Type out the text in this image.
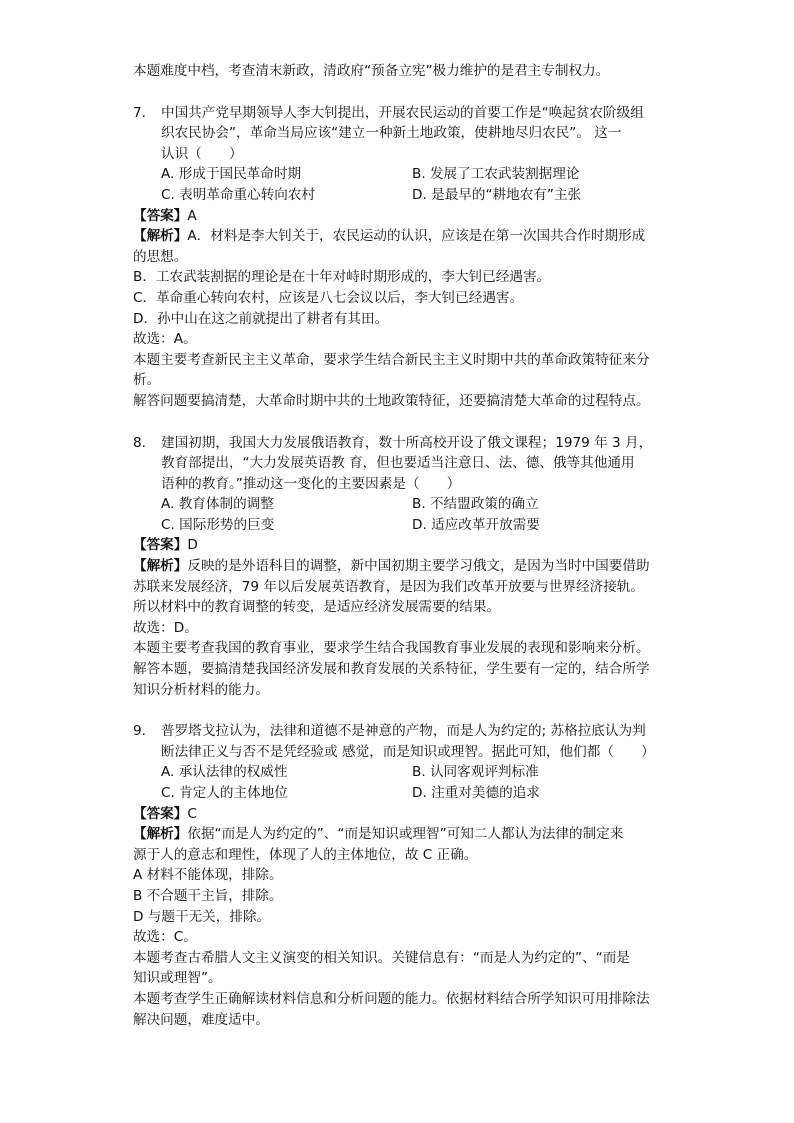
本题难度中档，考查清末新政，清政府“预备立宪”极力维护的是君主专制权力。
7. 中国共产党早期领导人李大钊提出，开展农民运动的首要工作是“唤起贫农阶级组
织农民协会”，革命当局应该“建立一种新土地政策，使耕地尽归农民”。 这一
认识（　　）
A. 形成于国民革命时期	B. 发展了工农武装割据理论
C. 表明革命重心转向农村	D. 是最早的“耕地农有”主张
【答案】A
【解析】A．材料是李大钊关于，农民运动的认识，应该是在第一次国共合作时期形成
的思想。
B．工农武装割据的理论是在十年对峙时期形成的，李大钊已经遇害。
C．革命重心转向农村，应该是八七会议以后，李大钊已经遇害。
D．孙中山在这之前就提出了耕者有其田。
故选：A。
本题主要考查新民主主义革命，要求学生结合新民主主义时期中共的革命政策特征来分
析。
解答问题要搞清楚，大革命时期中共的土地政策特征，还要搞清楚大革命的过程特点。
8. 建国初期，我国大力发展俄语教育，数十所高校开设了俄文课程；1979 年 3 月，
教育部提出，“大力发展英语教 育，但也要适当注意日、法、德、俄等其他通用
语种的教育。”推动这一变化的主要因素是（　　）
A. 教育体制的调整	B. 不结盟政策的确立
C. 国际形势的巨变	D. 适应改革开放需要
【答案】D
【解析】反映的是外语科目的调整，新中国初期主要学习俄文，是因为当时中国要借助
苏联来发展经济，79 年以后发展英语教育，是因为我们改革开放要与世界经济接轨。
所以材料中的教育调整的转变，是适应经济发展需要的结果。
故选：D。
本题主要考查我国的教育事业，要求学生结合我国教育事业发展的表现和影响来分析。
解答本题，要搞清楚我国经济发展和教育发展的关系特征，学生要有一定的，结合所学
知识分析材料的能力。
9. 普罗塔戈拉认为，法律和道德不是神意的产物，而是人为约定的; 苏格拉底认为判
断法律正义与否不是凭经验或 感觉，而是知识或理智。据此可知，他们都（　　）
A. 承认法律的权威性	B. 认同客观评判标准
C. 肯定人的主体地位	D. 注重对美德的追求
【答案】C
【解析】依据“而是人为约定的”、“而是知识或理智”可知二人都认为法律的制定来
源于人的意志和理性，体现了人的主体地位，故 C 正确。
A 材料不能体现，排除。
B 不合题干主旨，排除。
D 与题干无关，排除。
故选：C。
本题考查古希腊人文主义演变的相关知识。关键信息有：“而是人为约定的”、“而是
知识或理智”。
本题考查学生正确解读材料信息和分析问题的能力。依据材料结合所学知识可用排除法
解决问题，难度适中。
